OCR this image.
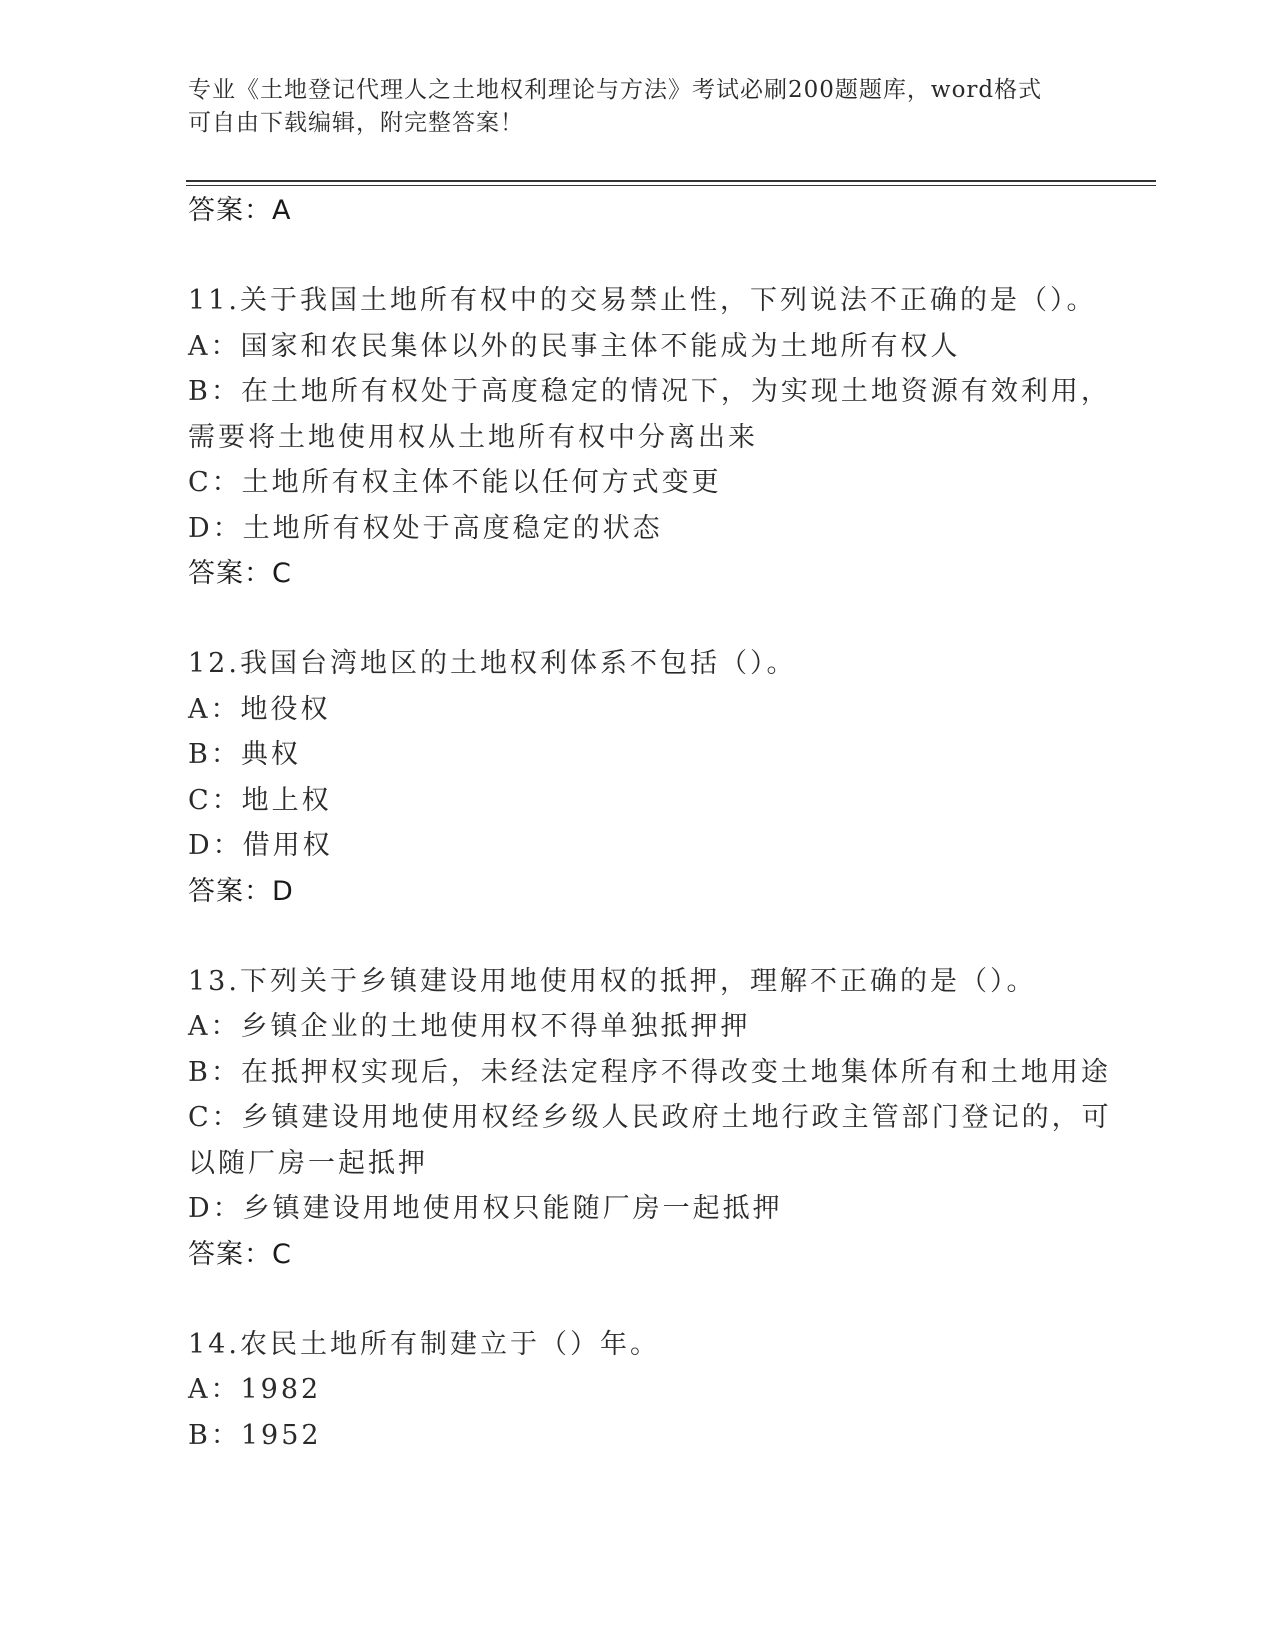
专业《土地登记代理人之土地权利理论与方法》考试必刷200题题库，word格式
可自由下载编辑，附完整答案！
答案：A
11.关于我国土地所有权中的交易禁止性，下列说法不正确的是（）。
A：国家和农民集体以外的民事主体不能成为土地所有权人
B：在土地所有权处于高度稳定的情况下，为实现土地资源有效利用，
需要将土地使用权从土地所有权中分离出来
C：土地所有权主体不能以任何方式变更
D：土地所有权处于高度稳定的状态
答案：C
12.我国台湾地区的土地权利体系不包括（）。
A：地役权
B：典权
C：地上权
D：借用权
答案：D
13.下列关于乡镇建设用地使用权的抵押，理解不正确的是（）。
A：乡镇企业的土地使用权不得单独抵押押
B：在抵押权实现后，未经法定程序不得改变土地集体所有和土地用途
C：乡镇建设用地使用权经乡级人民政府土地行政主管部门登记的，可
以随厂房一起抵押
D：乡镇建设用地使用权只能随厂房一起抵押
答案：C
14.农民土地所有制建立于（）年。
A：1982
B：1952
